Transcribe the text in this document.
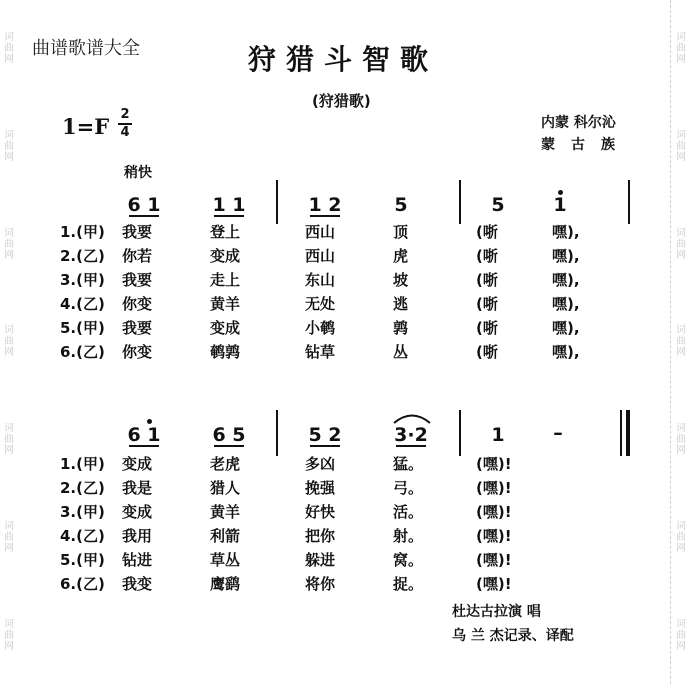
词
曲
网
词
曲
网
词
曲
网
词
曲
网
词
曲
网
词
曲
网
词
曲
网
词
曲
网
词
曲
网
词
曲
网
词
曲
网
词
曲
网
词
曲
网
词
曲
网
曲谱歌谱大全	狩猎斗智歌
(狩猎歌)
1=F 2
4
内蒙 科尔沁
蒙古族
稍快
6 1	1 1	1 2	5	5	1
1.(甲) 我要	登上	西山	顶	(哳	嘿),
2.(乙) 你若	变成	西山	虎	(哳	嘿),
3.(甲) 我要	走上	东山	坡	(哳	嘿),
4.(乙) 你变	黄羊	无处	逃	(哳	嘿),
5.(甲) 我要	变成	小鹌	鹑	(哳	嘿),
6.(乙) 你变	鹌鹑	钻草	丛	(哳	嘿),
6 1	6 5	5 2	3·2	1	–
1.(甲) 变成	老虎	多凶	猛。	(嘿)!
2.(乙) 我是	猎人	挽强	弓。	(嘿)!
3.(甲) 变成	黄羊	好快	活。	(嘿)!
4.(乙) 我用	利箭	把你	射。	(嘿)!
5.(甲) 钻进	草丛	躲进	窝。	(嘿)!
6.(乙) 我变	鹰鹞	将你	捉。	(嘿)!
杜达古拉演 唱
乌 兰 杰记录、译配
